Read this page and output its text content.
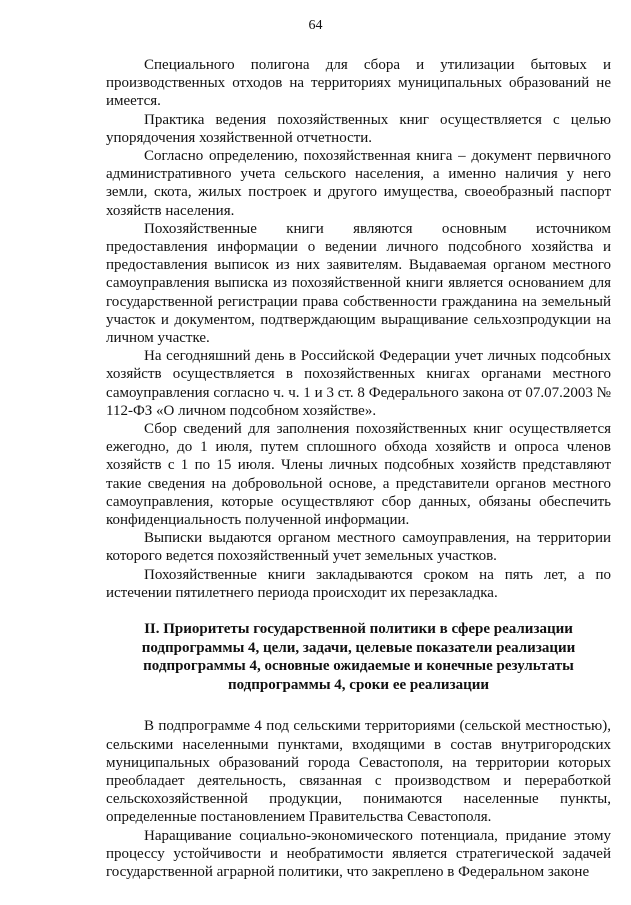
64

Специального полигона для сбора и утилизации бытовых и производственных отходов на территориях муниципальных образований не имеется.

Практика ведения похозяйственных книг осуществляется с целью упорядочения хозяйственной отчетности.

Согласно определению, похозяйственная книга – документ первичного административного учета сельского населения, а именно наличия у него земли, скота, жилых построек и другого имущества, своеобразный паспорт хозяйств населения.

Похозяйственные книги являются основным источником предоставления информации о ведении личного подсобного хозяйства и предоставления выписок из них заявителям. Выдаваемая органом местного самоуправления выписка из похозяйственной книги является основанием для государственной регистрации права собственности гражданина на земельный участок и документом, подтверждающим выращивание сельхозпродукции на личном участке.

На сегодняшний день в Российской Федерации учет личных подсобных хозяйств осуществляется в похозяйственных книгах органами местного самоуправления согласно ч. ч. 1 и 3 ст. 8 Федерального закона от 07.07.2003 № 112-ФЗ «О личном подсобном хозяйстве».

Сбор сведений для заполнения похозяйственных книг осуществляется ежегодно, до 1 июля, путем сплошного обхода хозяйств и опроса членов хозяйств с 1 по 15 июля. Члены личных подсобных хозяйств представляют такие сведения на добровольной основе, а представители органов местного самоуправления, которые осуществляют сбор данных, обязаны обеспечить конфиденциальность полученной информации.

Выписки выдаются органом местного самоуправления, на территории которого ведется похозяйственный учет земельных участков.

Похозяйственные книги закладываются сроком на пять лет, а по истечении пятилетнего периода происходит их перезакладка.

II. Приоритеты государственной политики в сфере реализации подпрограммы 4, цели, задачи, целевые показатели реализации подпрограммы 4, основные ожидаемые и конечные результаты подпрограммы 4, сроки ее реализации

В подпрограмме 4 под сельскими территориями (сельской местностью), сельскими населенными пунктами, входящими в состав внутригородских муниципальных образований города Севастополя, на территории которых преобладает деятельность, связанная с производством и переработкой сельскохозяйственной продукции, понимаются населенные пункты, определенные постановлением Правительства Севастополя.

Наращивание социально-экономического потенциала, придание этому процессу устойчивости и необратимости является стратегической задачей государственной аграрной политики, что закреплено в Федеральном законе
